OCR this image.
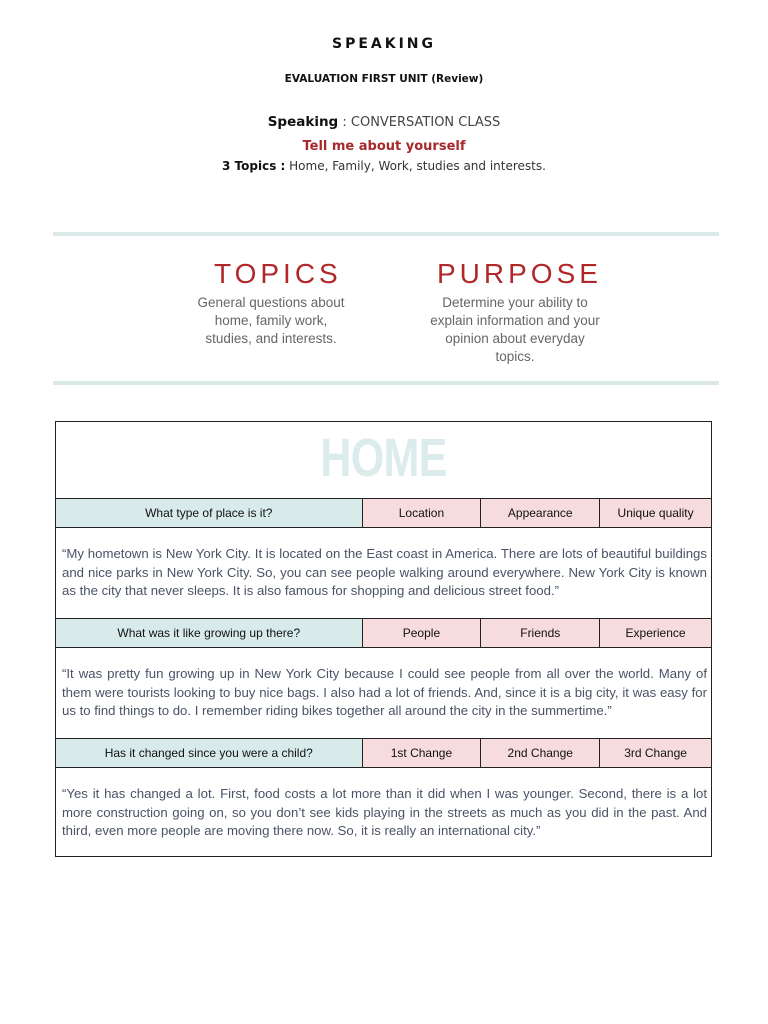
SPEAKING
EVALUATION FIRST UNIT (Review)
Speaking : CONVERSATION CLASS
Tell me about yourself
3 Topics : Home, Family, Work, studies and interests.
TOPICS
General questions about home, family work, studies, and interests.
PURPOSE
Determine your ability to explain information and your opinion about everyday topics.
HOME
What type of place is it?	Location	Appearance	Unique quality
“My hometown is New York City. It is located on the East coast in America. There are lots of beautiful buildings and nice parks in New York City. So, you can see people walking around everywhere. New York City is known as the city that never sleeps. It is also famous for shopping and delicious street food.”
What was it like growing up there?	People	Friends	Experience
“It was pretty fun growing up in New York City because I could see people from all over the world. Many of them were tourists looking to buy nice bags. I also had a lot of friends. And, since it is a big city, it was easy for us to find things to do. I remember riding bikes together all around the city in the summertime.”
Has it changed since you were a child?	1st Change	2nd Change	3rd Change
“Yes it has changed a lot. First, food costs a lot more than it did when I was younger. Second, there is a lot more construction going on, so you don’t see kids playing in the streets as much as you did in the past. And third, even more people are moving there now. So, it is really an international city.”
